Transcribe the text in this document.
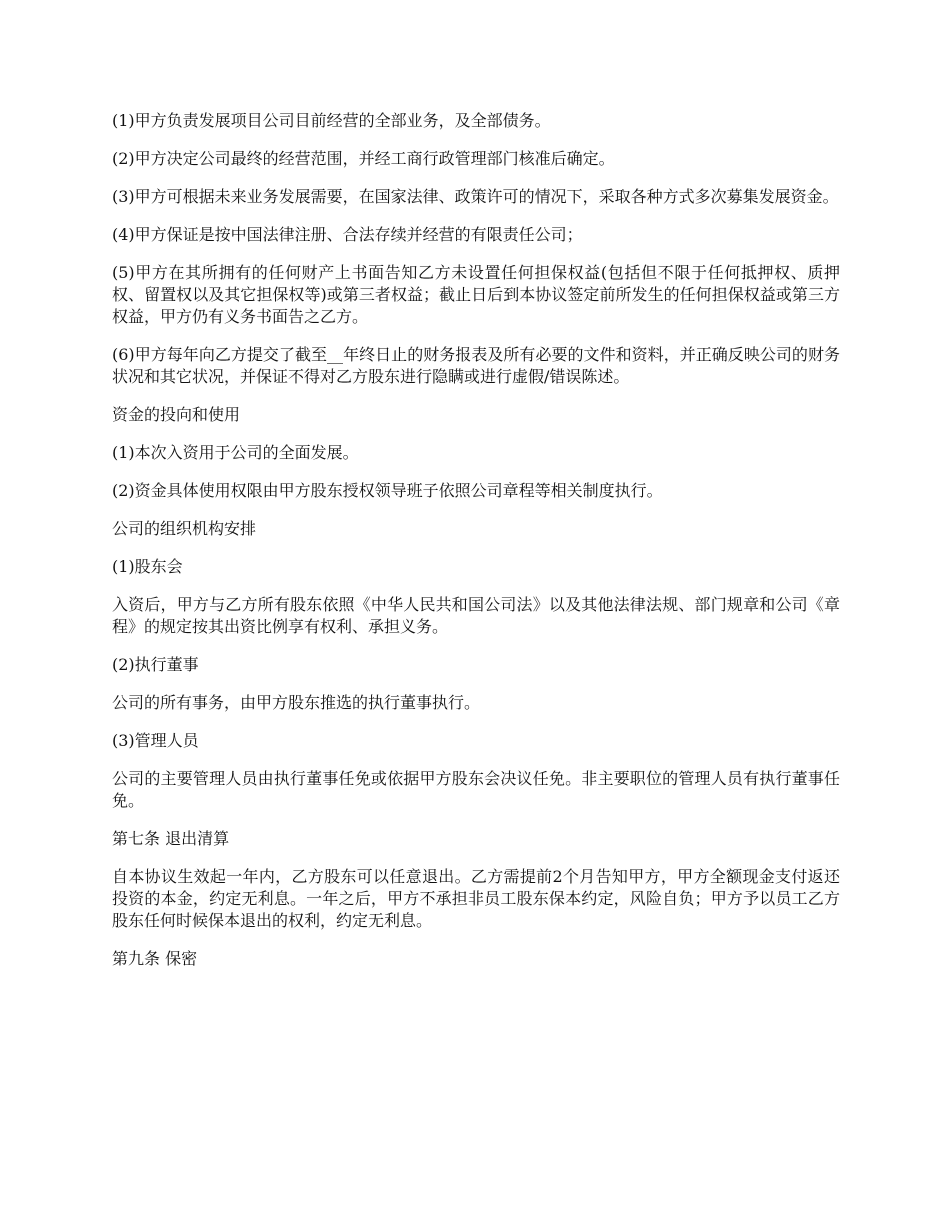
(1)甲方负责发展项目公司目前经营的全部业务，及全部债务。

(2)甲方决定公司最终的经营范围，并经工商行政管理部门核准后确定。

(3)甲方可根据未来业务发展需要，在国家法律、政策许可的情况下，采取各种方式多次募集发展资金。

(4)甲方保证是按中国法律注册、合法存续并经营的有限责任公司；

(5)甲方在其所拥有的任何财产上书面告知乙方未设置任何担保权益(包括但不限于任何抵押权、质押权、留置权以及其它担保权等)或第三者权益；截止日后到本协议签定前所发生的任何担保权益或第三方权益，甲方仍有义务书面告之乙方。

(6)甲方每年向乙方提交了截至__年终日止的财务报表及所有必要的文件和资料，并正确反映公司的财务状况和其它状况，并保证不得对乙方股东进行隐瞒或进行虚假/错误陈述。

资金的投向和使用

(1)本次入资用于公司的全面发展。

(2)资金具体使用权限由甲方股东授权领导班子依照公司章程等相关制度执行。

公司的组织机构安排

(1)股东会

入资后，甲方与乙方所有股东依照《中华人民共和国公司法》以及其他法律法规、部门规章和公司《章程》的规定按其出资比例享有权利、承担义务。

(2)执行董事

公司的所有事务，由甲方股东推选的执行董事执行。

(3)管理人员

公司的主要管理人员由执行董事任免或依据甲方股东会决议任免。非主要职位的管理人员有执行董事任免。

第七条 退出清算

自本协议生效起一年内，乙方股东可以任意退出。乙方需提前2个月告知甲方，甲方全额现金支付返还投资的本金，约定无利息。一年之后，甲方不承担非员工股东保本约定，风险自负；甲方予以员工乙方股东任何时候保本退出的权利，约定无利息。

第九条 保密
